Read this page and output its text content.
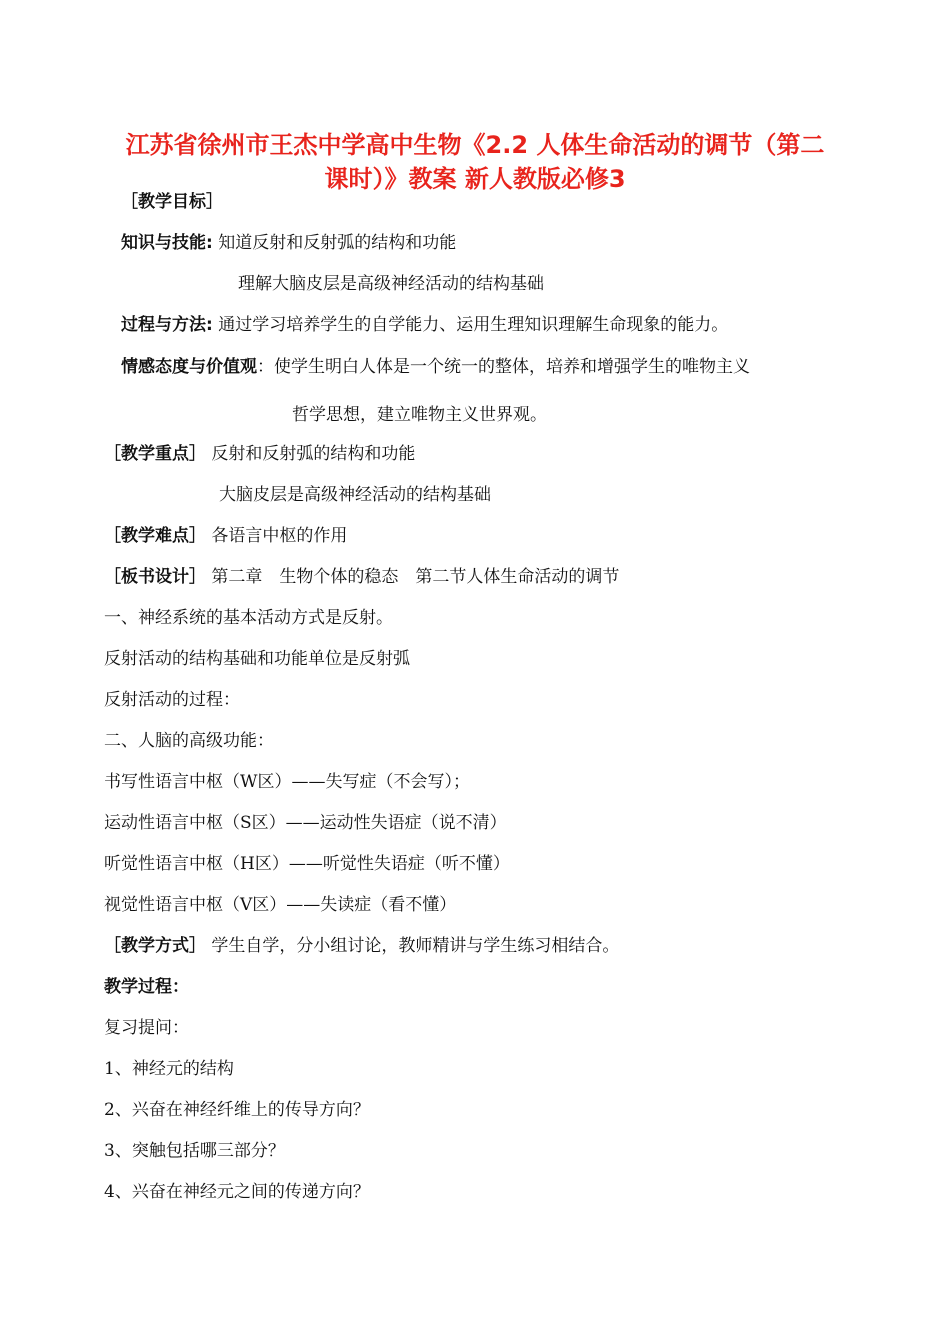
江苏省徐州市王杰中学高中生物《2.2 人体生命活动的调节（第二
课时）》教案 新人教版必修3
［教学目标］
知识与技能: 知道反射和反射弧的结构和功能
理解大脑皮层是高级神经活动的结构基础
过程与方法: 通过学习培养学生的自学能力、运用生理知识理解生命现象的能力。
情感态度与价值观：使学生明白人体是一个统一的整体，培养和增强学生的唯物主义
哲学思想，建立唯物主义世界观。
［教学重点］ 反射和反射弧的结构和功能
大脑皮层是高级神经活动的结构基础
［教学难点］ 各语言中枢的作用
［板书设计］ 第二章　生物个体的稳态　第二节人体生命活动的调节
一、神经系统的基本活动方式是反射。
反射活动的结构基础和功能单位是反射弧
反射活动的过程：
二、人脑的高级功能：
书写性语言中枢（W区）——失写症（不会写）；
运动性语言中枢（S区）——运动性失语症（说不清）
听觉性语言中枢（H区）——听觉性失语症（听不懂）
视觉性语言中枢（V区）——失读症（看不懂）
［教学方式］ 学生自学，分小组讨论，教师精讲与学生练习相结合。
教学过程：
复习提问：
1、神经元的结构
2、兴奋在神经纤维上的传导方向？
3、突触包括哪三部分？
4、兴奋在神经元之间的传递方向？
